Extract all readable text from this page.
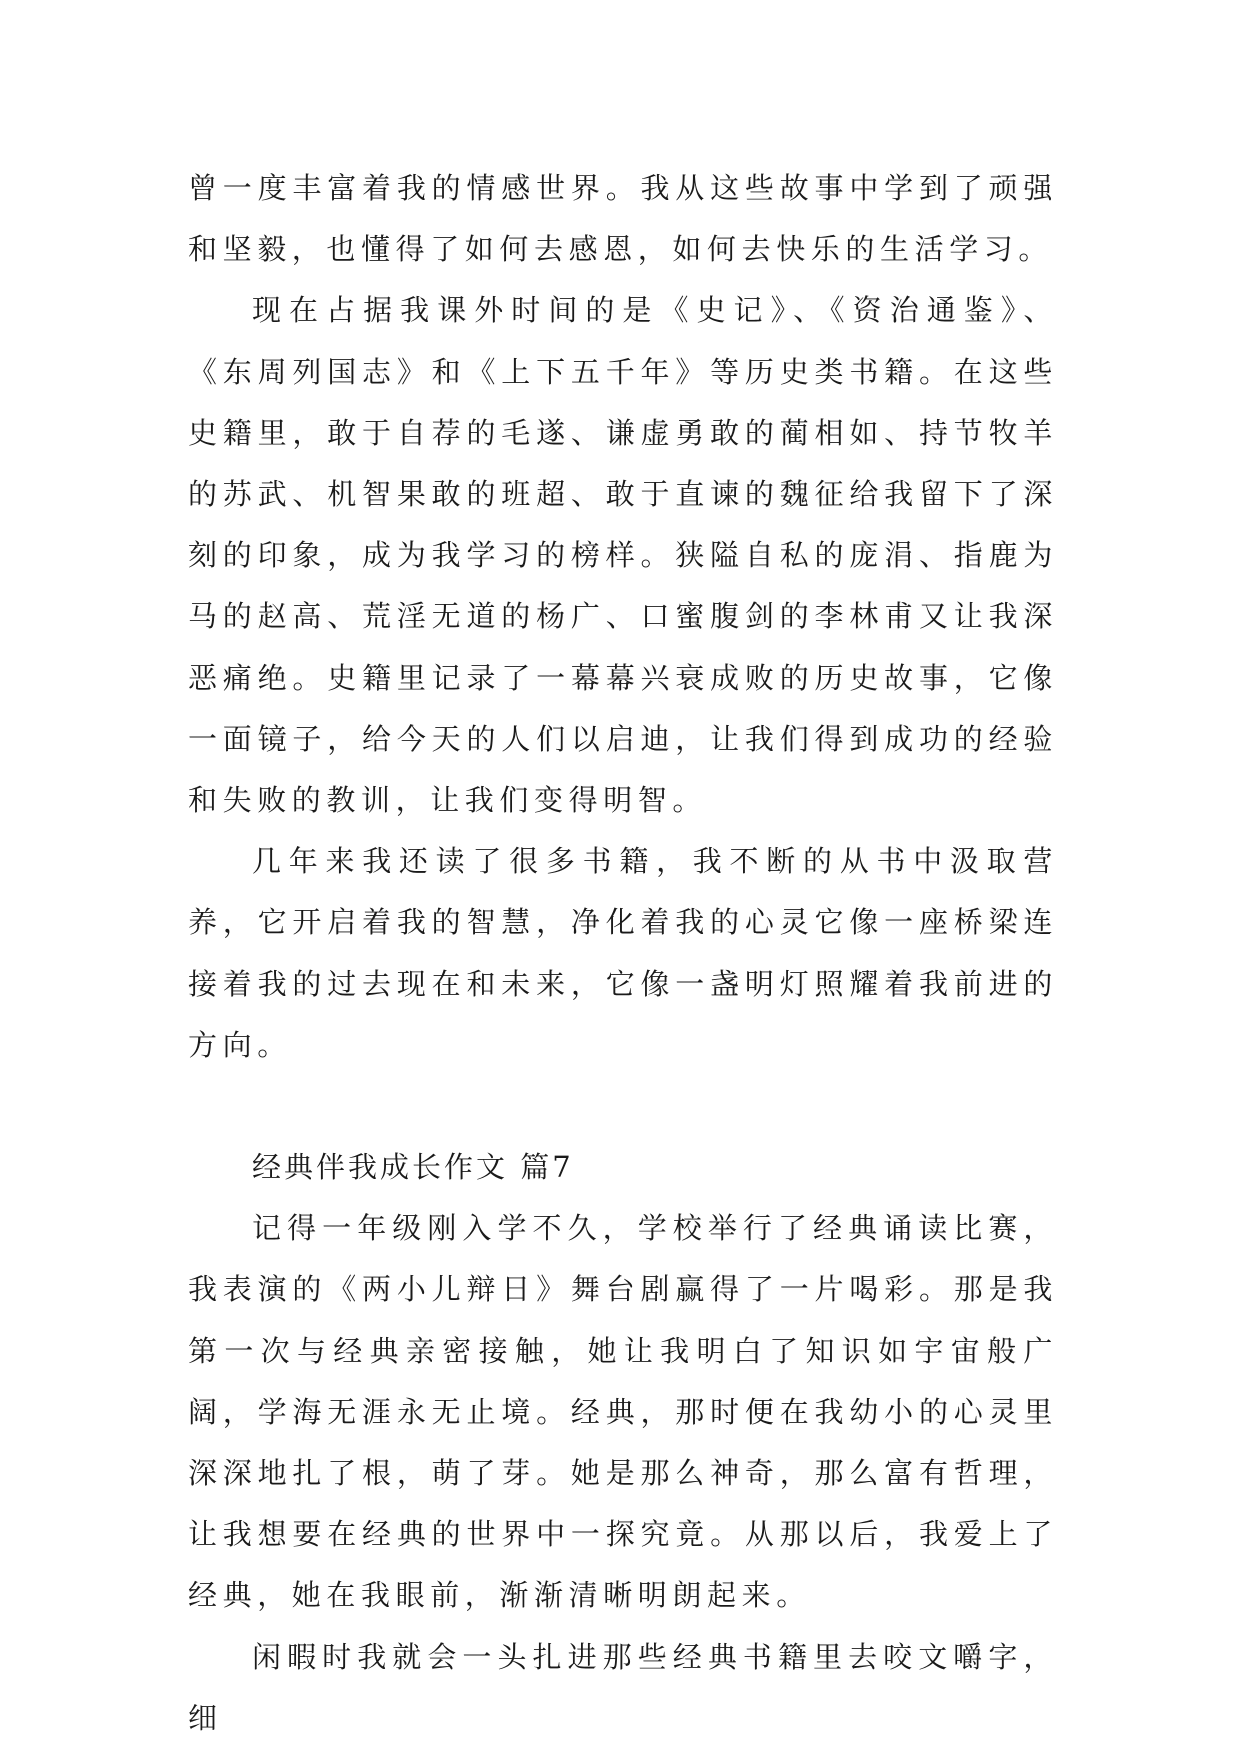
曾一度丰富着我的情感世界。我从这些故事中学到了顽强和坚毅，也懂得了如何去感恩，如何去快乐的生活学习。

现在占据我课外时间的是《史记》、《资治通鉴》、《东周列国志》和《上下五千年》等历史类书籍。在这些史籍里，敢于自荐的毛遂、谦虚勇敢的蔺相如、持节牧羊的苏武、机智果敢的班超、敢于直谏的魏征给我留下了深刻的印象，成为我学习的榜样。狭隘自私的庞涓、指鹿为马的赵高、荒淫无道的杨广、口蜜腹剑的李林甫又让我深恶痛绝。史籍里记录了一幕幕兴衰成败的历史故事，它像一面镜子，给今天的人们以启迪，让我们得到成功的经验和失败的教训，让我们变得明智。

几年来我还读了很多书籍，我不断的从书中汲取营养，它开启着我的智慧，净化着我的心灵它像一座桥梁连接着我的过去现在和未来，它像一盏明灯照耀着我前进的方向。

经典伴我成长作文 篇7

记得一年级刚入学不久，学校举行了经典诵读比赛，我表演的《两小儿辩日》舞台剧赢得了一片喝彩。那是我第一次与经典亲密接触，她让我明白了知识如宇宙般广阔，学海无涯永无止境。经典，那时便在我幼小的心灵里深深地扎了根，萌了芽。她是那么神奇，那么富有哲理，让我想要在经典的世界中一探究竟。从那以后，我爱上了经典，她在我眼前，渐渐清晰明朗起来。

闲暇时我就会一头扎进那些经典书籍里去咬文嚼字，细
